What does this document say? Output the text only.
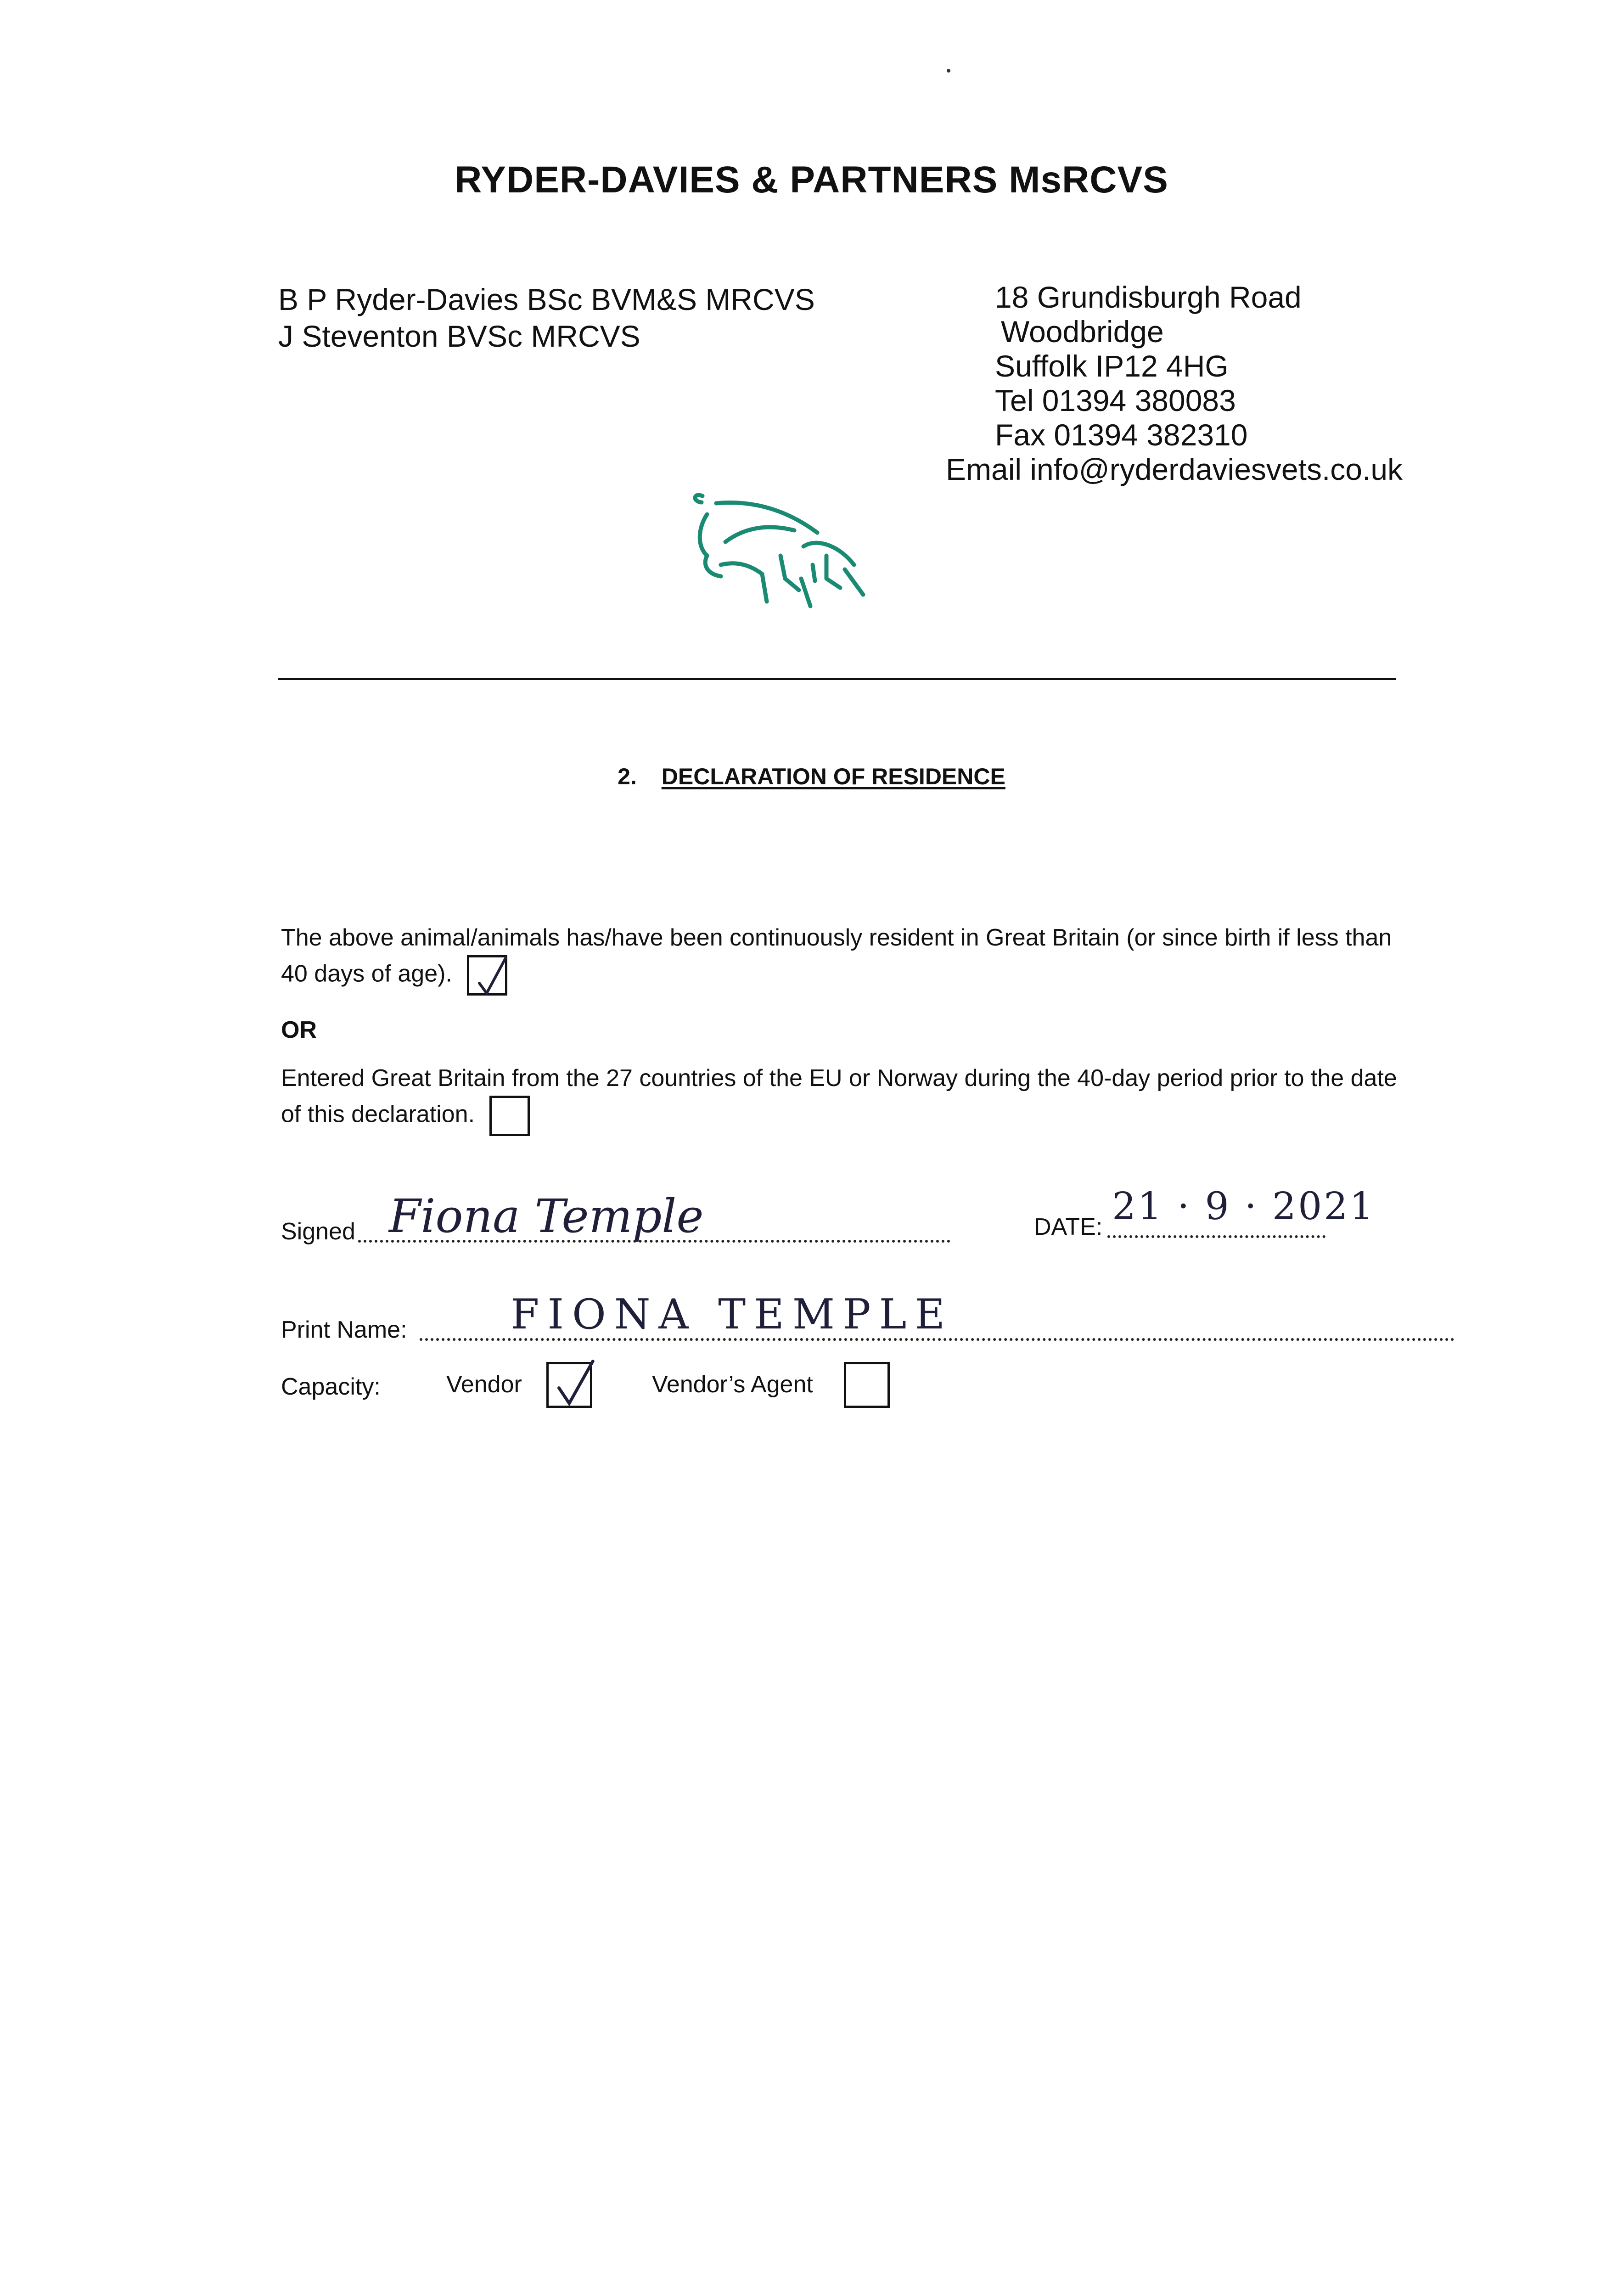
RYDER-DAVIES & PARTNERS MsRCVS
B P Ryder-Davies BSc BVM&S MRCVS
J Steventon BVSc MRCVS
18 Grundisburgh Road
Woodbridge
Suffolk IP12 4HG
Tel 01394 380083
Fax 01394 382310
Email info@ryderdaviesvets.co.uk
2. DECLARATION OF RESIDENCE
The above animal/animals has/have been continuously resident in Great Britain (or since birth if less than 40 days of age).
OR
Entered Great Britain from the 27 countries of the EU or Norway during the 40-day period prior to the date of this declaration.
Signed Fiona Temple	DATE: 21 · 9 · 2021
Print Name:	FIONA TEMPLE
Capacity:	Vendor	Vendor’s Agent
